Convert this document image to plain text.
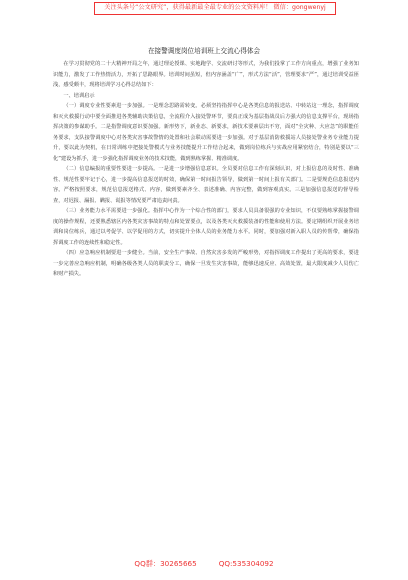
关注头条号“公文研究”，获得最新最全最专业的公文资料库！ 微信：gongwenyj
在接警调度岗位培训班上交流心得体会

在学习贯彻党的二十大精神开局之年，通过理论授课、实地跑学、交流研讨等形式，为我们投掌了工作方向重点，增强了业务知识能力，激发了工作热情活力，开拓了思路眼界。培训时间虽短，但内容涵盖“广”，形式方法“活”，管理要求“严”，通过培训受益匪浅，感受颇丰，现将培训学习心得总结如下：

一、培训启示

（一）调度专业性要素进一步加强。一是理念思路需转变。必须坚持指挥中心是各类信息的报送站、中转站这一理念，指挥调度和灭火救援行动中要全面推进各类辅助决策信息，全流程介入接处警环节，要真正成为基层指战员后方强大的信息支撑平台，现场指挥决策的参谋助手。二是指警调度意识要加强。新形势下，新业态、新要求，新技术要素层出不穷，面对“全灾种、大应急”的职能任务要求，支队接警调度中心对各类灾害事故警情的处置和社会联动需要进一步加强。对于基层消防救援站人员接处警业务专业能力提升，要以此为契机，在日常训练中把接处警模式与业务技能提升工作结合起来，做到岗位练兵与实战应用紧密结合，特别是要以“三化”建设为抓手，进一步强化指挥调度业务的技术技能，做到熟练掌握、精准调度。

（二）信息编报的重要性要进一步提高。一是进一步增强信息意识。全员要对信息工作有深刻认识，对上报信息的及时性、准确性、规范性要牢记于心，进一步提高信息报送的时效，确保第一时间报告领导，做到第一时间上报有关部门。二是要规范信息报送内容。严格按照要求，规范信息报送格式、内容，做到要素齐全、表述准确、内容完整，做到客观真实。三是加强信息报送的督导检查，对迟报、漏报、瞒报、谎报等情况要严肃追责问责。

（三）业务能力水平需要进一步强化。指挥中心作为一个综合性的部门，要求人员具备很强的专业知识，不仅要熟练掌握接警调度的操作规程，还要熟悉辖区内各类灾害事故的特点和处置要点，以及各类灭火救援装备的性能和使用方法。要定期组织开展业务培训和岗位练兵，通过以考促学、以学促用的方式，切实提升全体人员的业务能力水平。同时，要加强对新入职人员的传帮带，确保指挥调度工作的连续性和稳定性。

（四）应急响应机制要进一步健全。当前，安全生产事故、自然灾害多发的严峻形势，对指挥调度工作提出了更高的要求，要进一步完善应急响应机制，明确各级各类人员的职责分工，确保一旦发生灾害事故，能够迅速反应、高效处置，最大限度减少人员伤亡和财产损失。

QQ群：30265665	QQ:535304092
